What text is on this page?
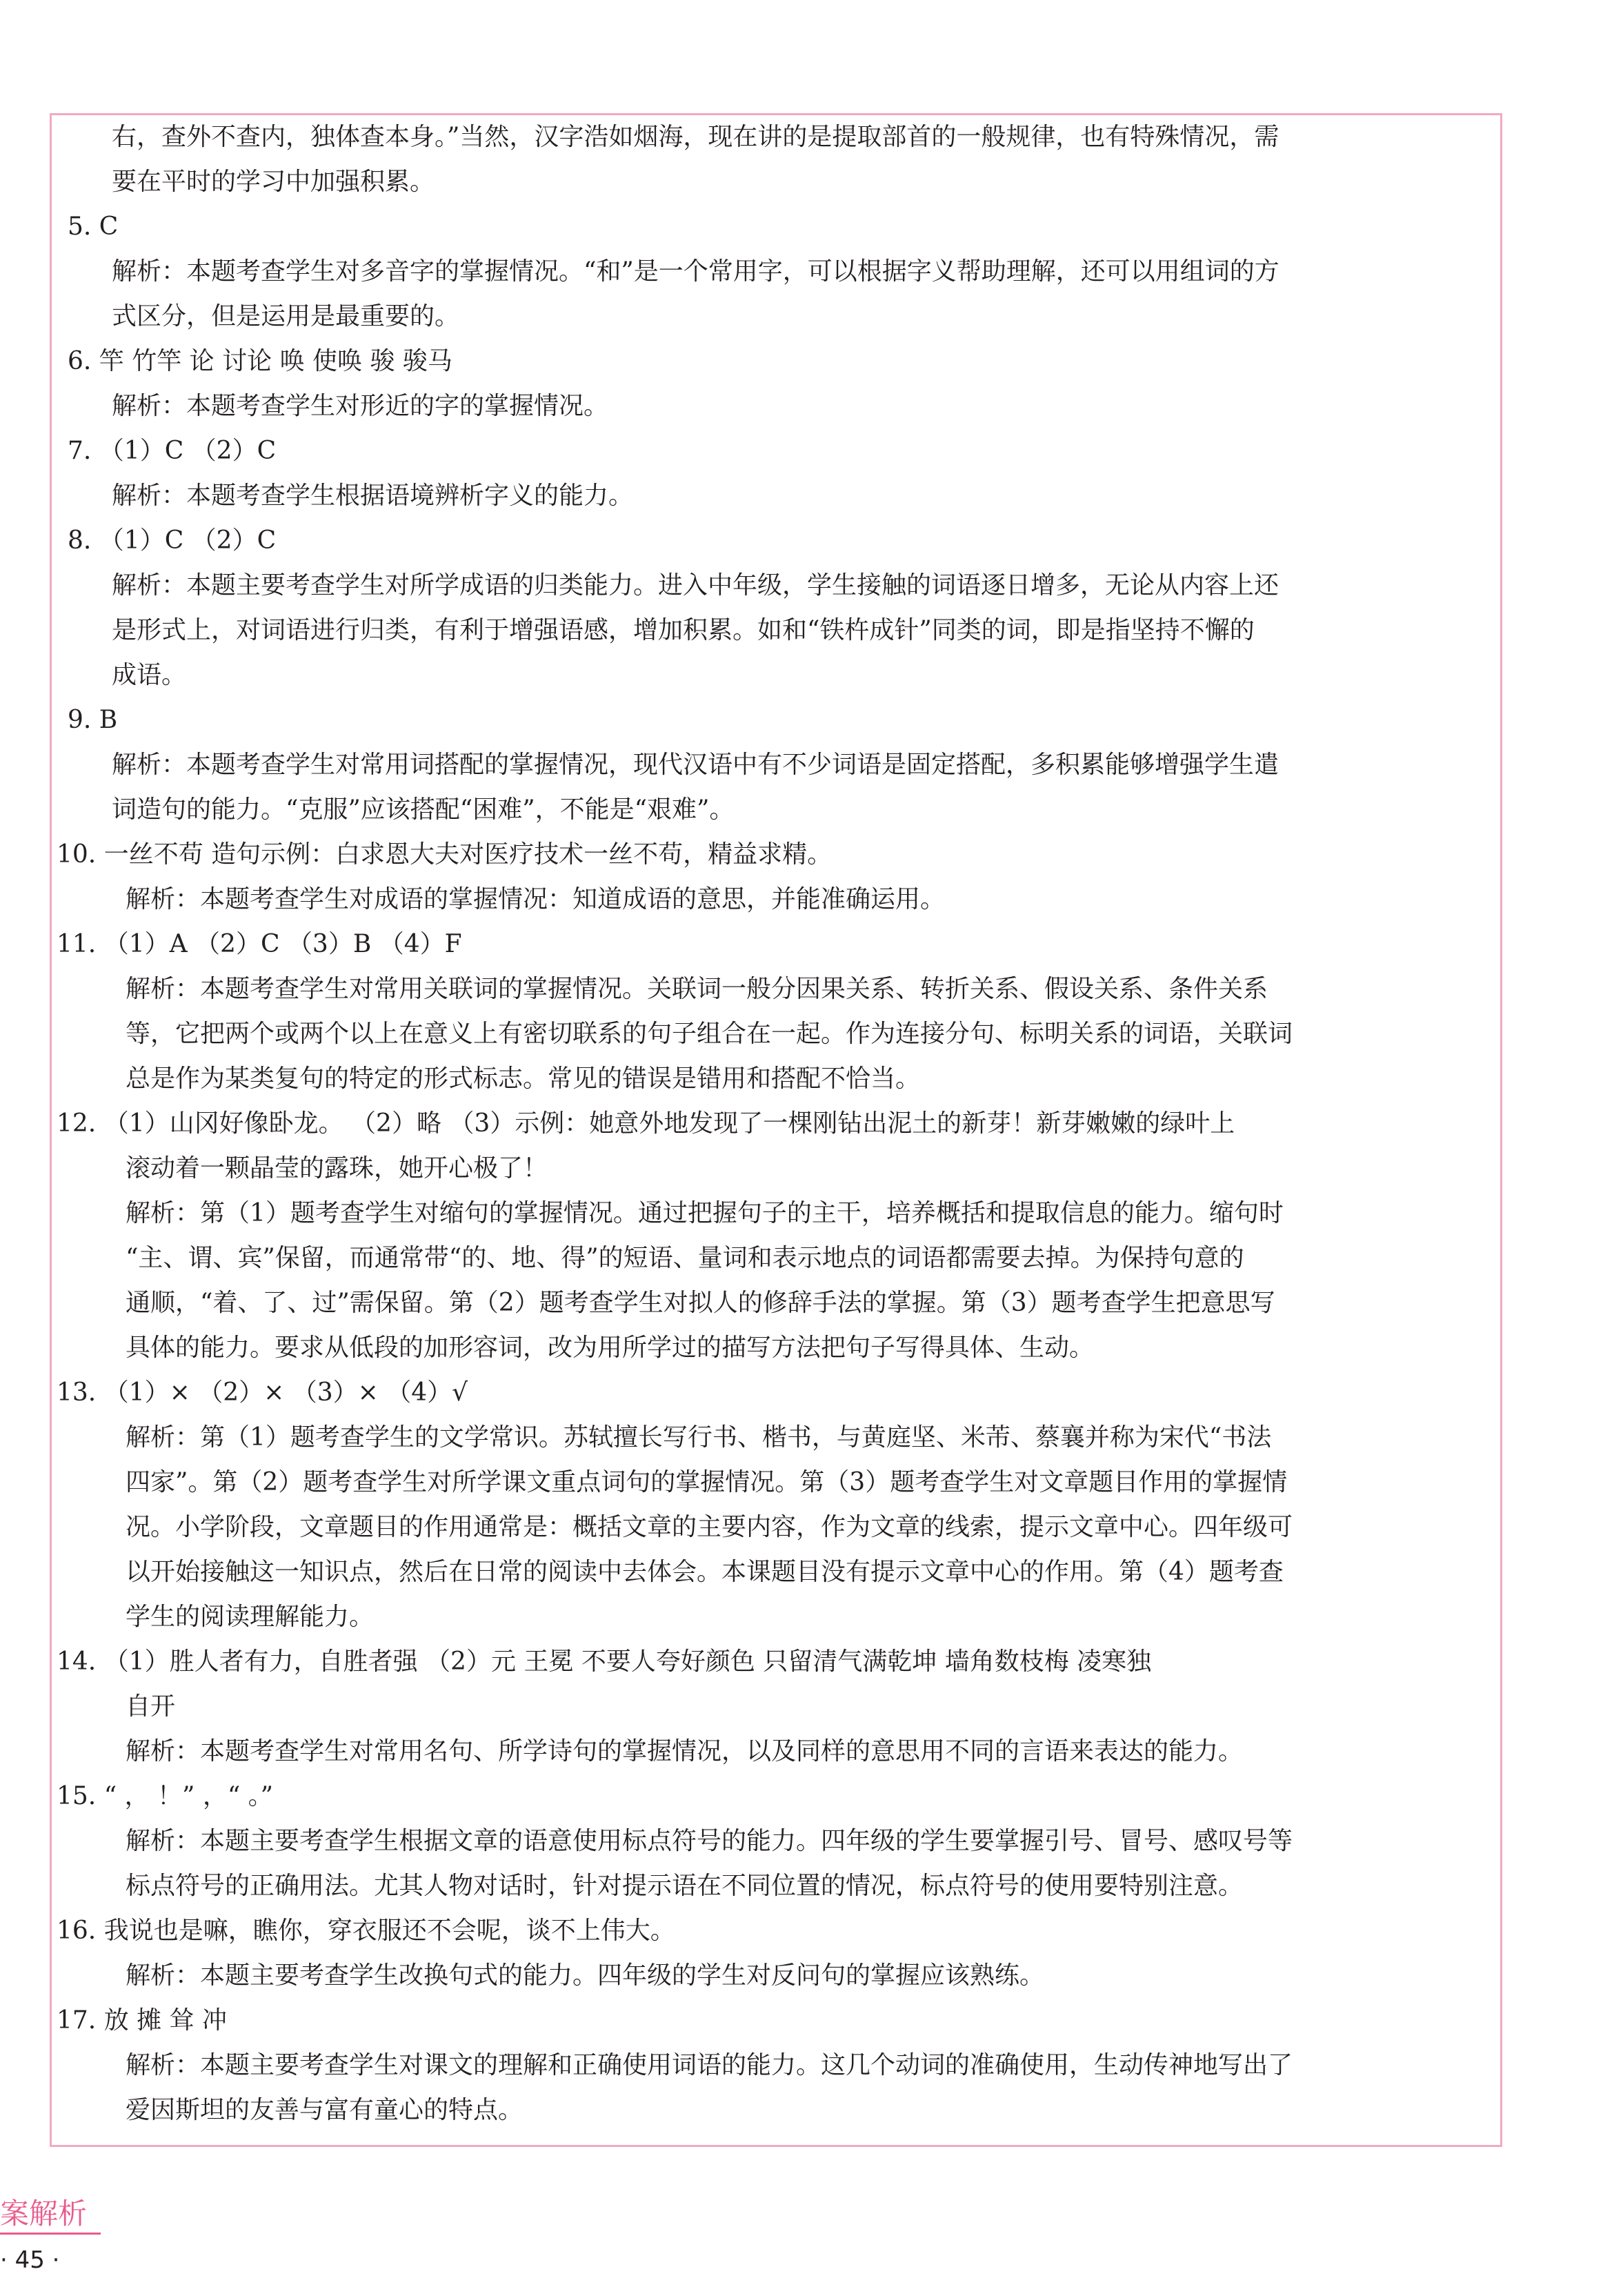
右，查外不查内，独体查本身。”当然，汉字浩如烟海，现在讲的是提取部首的一般规律，也有特殊情况，需
要在平时的学习中加强积累。
5. C
解析：本题考查学生对多音字的掌握情况。“和”是一个常用字，可以根据字义帮助理解，还可以用组词的方
式区分，但是运用是最重要的。
6. 竿 竹竿 论 讨论 唤 使唤 骏 骏马
解析：本题考查学生对形近的字的掌握情况。
7. （1）C （2）C
解析：本题考查学生根据语境辨析字义的能力。
8. （1）C （2）C
解析：本题主要考查学生对所学成语的归类能力。进入中年级，学生接触的词语逐日增多，无论从内容上还
是形式上，对词语进行归类，有利于增强语感，增加积累。如和“铁杵成针”同类的词，即是指坚持不懈的
成语。
9. B
解析：本题考查学生对常用词搭配的掌握情况，现代汉语中有不少词语是固定搭配，多积累能够增强学生遣
词造句的能力。“克服”应该搭配“困难”，不能是“艰难”。
10. 一丝不苟 造句示例：白求恩大夫对医疗技术一丝不苟，精益求精。
解析：本题考查学生对成语的掌握情况：知道成语的意思，并能准确运用。
11. （1）A （2）C （3）B （4）F
解析：本题考查学生对常用关联词的掌握情况。关联词一般分因果关系、转折关系、假设关系、条件关系
等，它把两个或两个以上在意义上有密切联系的句子组合在一起。作为连接分句、标明关系的词语，关联词
总是作为某类复句的特定的形式标志。常见的错误是错用和搭配不恰当。
12. （1）山冈好像卧龙。 （2）略 （3）示例：她意外地发现了一棵刚钻出泥土的新芽！新芽嫩嫩的绿叶上
滚动着一颗晶莹的露珠，她开心极了！
解析：第（1）题考查学生对缩句的掌握情况。通过把握句子的主干，培养概括和提取信息的能力。缩句时
“主、谓、宾”保留，而通常带“的、地、得”的短语、量词和表示地点的词语都需要去掉。为保持句意的
通顺，“着、了、过”需保留。第（2）题考查学生对拟人的修辞手法的掌握。第（3）题考查学生把意思写
具体的能力。要求从低段的加形容词，改为用所学过的描写方法把句子写得具体、生动。
13. （1）× （2）× （3）× （4）√
解析：第（1）题考查学生的文学常识。苏轼擅长写行书、楷书，与黄庭坚、米芾、蔡襄并称为宋代“书法
四家”。第（2）题考查学生对所学课文重点词句的掌握情况。第（3）题考查学生对文章题目作用的掌握情
况。小学阶段，文章题目的作用通常是：概括文章的主要内容，作为文章的线索，提示文章中心。四年级可
以开始接触这一知识点，然后在日常的阅读中去体会。本课题目没有提示文章中心的作用。第（4）题考查
学生的阅读理解能力。
14. （1）胜人者有力，自胜者强 （2）元 王冕 不要人夸好颜色 只留清气满乾坤 墙角数枝梅 凌寒独
自开
解析：本题考查学生对常用名句、所学诗句的掌握情况，以及同样的意思用不同的言语来表达的能力。
15. “ ， ！” ，“ 。”
解析：本题主要考查学生根据文章的语意使用标点符号的能力。四年级的学生要掌握引号、冒号、感叹号等
标点符号的正确用法。尤其人物对话时，针对提示语在不同位置的情况，标点符号的使用要特别注意。
16. 我说也是嘛，瞧你，穿衣服还不会呢，谈不上伟大。
解析：本题主要考查学生改换句式的能力。四年级的学生对反问句的掌握应该熟练。
17. 放 摊 耸 冲
解析：本题主要考查学生对课文的理解和正确使用词语的能力。这几个动词的准确使用，生动传神地写出了
爱因斯坦的友善与富有童心的特点。
案解析
· 45 ·
